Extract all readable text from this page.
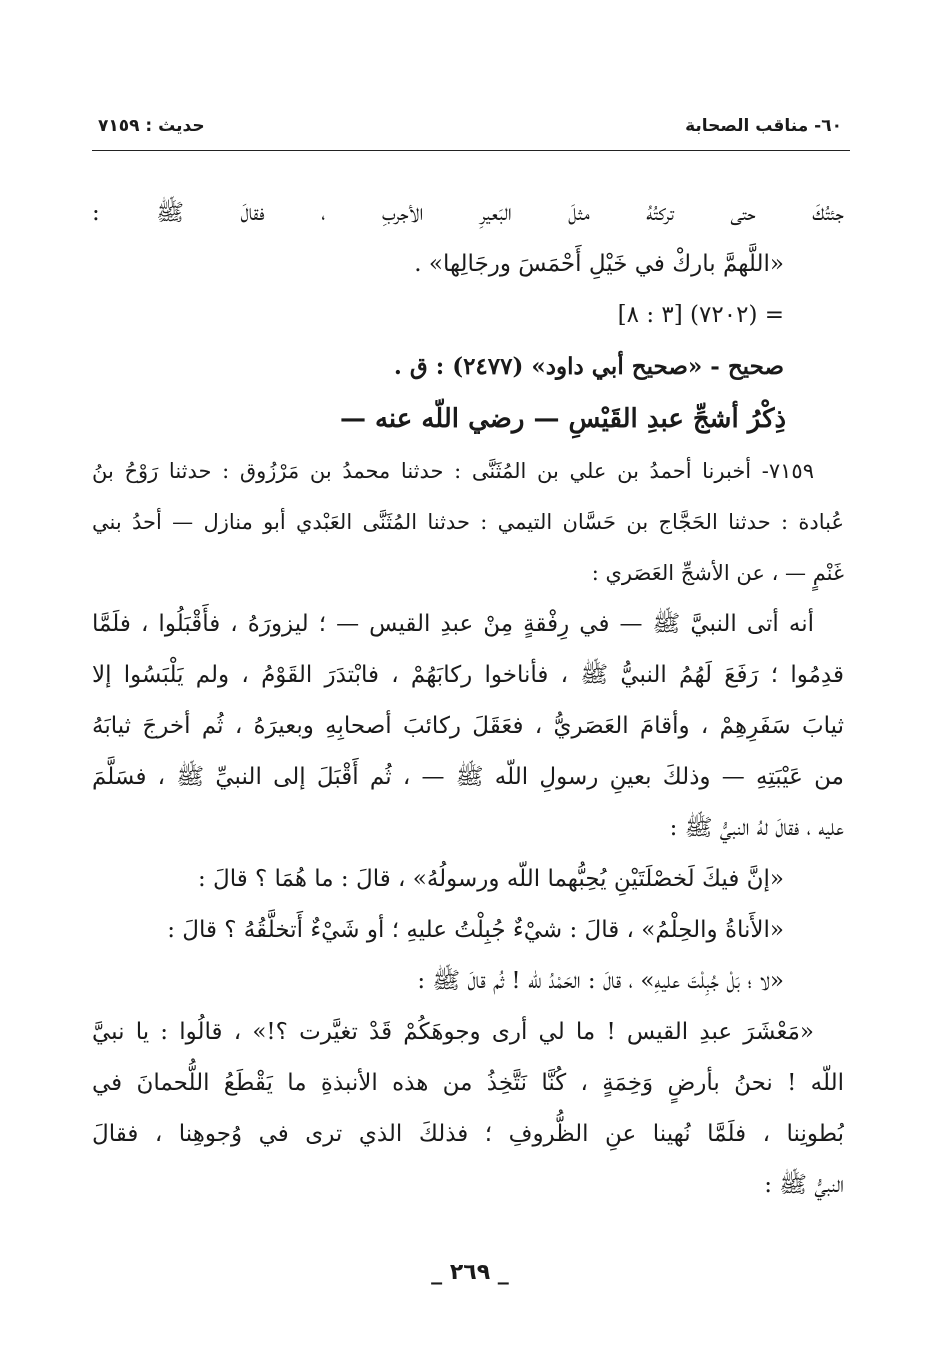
٦٠- مناقب الصحابة
حديث : ٧١٥٩
جئتُكَ حتى تركتُهُ مثلَ البَعيرِ الأجربِ ، فقالَ ﷺ :
«اللَّهمَّ باركْ في خَيْلِ أَحْمَسَ ورجَالِها» .
= (٧٢٠٢) [٣ : ٨]
صحيح - «صحيح أبي داود» (٢٤٧٧) : ق .
ذِكْرُ أشجِّ عبدِ القَيْسِ — رضي اللّه عنه —
٧١٥٩- أخبرنا أحمدُ بن علي بن المُثَنَّى : حدثنا محمدُ بن مَرْزُوق : حدثنا رَوْحُ بنُ
عُبادة : حدثنا الحَجَّاج بن حَسَّان التيمي : حدثنا المُثَنَّى العَبْدي أبو منازل — أحدُ بني
غَنْمٍ — ، عن الأشجِّ العَصَري :
أنه أتى النبيَّ ﷺ — في رِفْقةٍ مِنْ عبدِ القيس — ؛ ليزورَهُ ، فأَقْبَلُوا ، فلَمَّا
قدِمُوا ؛ رَفَعَ لَهُمُ النبيُّ ﷺ ، فأناخوا ركابَهُمْ ، فابْتدَرَ القَوْمُ ، ولم يَلْبَسُوا إلا
ثيابَ سَفَرِهِمْ ، وأقامَ العَصَريُّ ، فعَقَلَ ركائبَ أصحابِهِ وبعيرَهُ ، ثُم أخرجَ ثيابَهُ
من عَيْبَتِهِ — وذلكَ بعينِ رسولِ اللّه ﷺ — ، ثُم أَقْبَلَ إلى النبيِّ ﷺ ، فسَلَّمَ
عليه ، فقالَ لهُ النبيُّ ﷺ :
«إنَّ فيكَ لَخصْلَتَيْنِ يُحِبُّهما اللّه ورسولُهُ» ، قالَ : ما هُمَا ؟ قالَ :
«الأَناةُ والحِلْمُ» ، قالَ : شيْءٌ جُبِلْتُ عليهِ ؛ أو شَيْءٌ أَتخلَّقُهُ ؟ قالَ :
«لا ؛ بَلْ جُبِلْتَ عليهِ» ، قالَ : الحَمْدُ للّه ! ثُم قالَ ﷺ :
«مَعْشَرَ عبدِ القيس ! ما لي أرى وجوهَكُمْ قَدْ تغيَّرت ؟!» ، قالُوا : يا نبيَّ
اللّه ! نحنُ بأرضٍ وَخِمَةٍ ، كُنَّا نَتَّخِذُ من هذه الأنبذةِ ما يَقْطَعُ اللُّحمانَ في
بُطونِنا ، فلَمَّا نُهينا عنِ الظُّروفِ ؛ فذلكَ الذي ترى في وُجوهِنا ، فقالَ
النبيُّ ﷺ :
_ ٢٦٩ _
